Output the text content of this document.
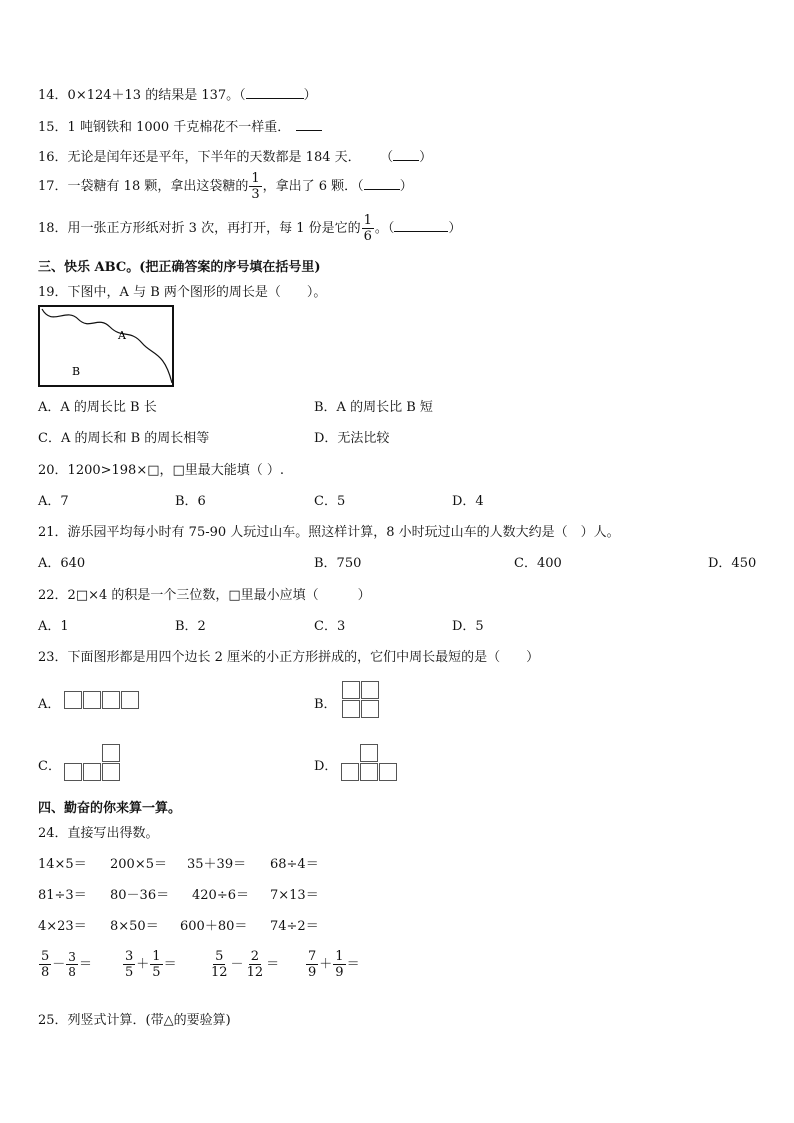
14．0×124＋13 的结果是 137。（	）
15．1 吨钢铁和 1000 千克棉花不一样重．
16．无论是闰年还是平年，下半年的天数都是 184 天． （ ）
17．一袋糖有 18 颗，拿出这袋糖的 $\frac{1}{3}$ ，拿出了 6 颗．（	）
18．用一张正方形纸对折 3 次，再打开，每 1 份是它的 $\frac{1}{6}$ 。（	）
三、快乐 ABC。(把正确答案的序号填在括号里)
19．下图中，A 与 B 两个图形的周长是（　　）。
A
B
A．A 的周长比 B 长	B．A 的周长比 B 短
C．A 的周长和 B 的周长相等	D．无法比较
20．1200>198×□，□里最大能填（ ）.
A．7	B．6	C．5	D．4
21．游乐园平均每小时有 75-90 人玩过山车。照这样计算，8 小时玩过山车的人数大约是（　）人。
A．640	B．750	C．400	D．450
22．2□×4 的积是一个三位数，□里最小应填（　　　）
A．1	B．2	C．3	D．5
23．下面图形都是用四个边长 2 厘米的小正方形拼成的，它们中周长最短的是（　　）
A．	B．
C．	D．
四、勤奋的你来算一算。
24．直接写出得数。
14×5＝ 200×5＝ 35＋39＝ 68÷4＝
81÷3＝ 80－36＝ 420÷6＝ 7×13＝
4×23＝ 8×50＝ 600＋80＝ 74÷2＝
$\frac{5}{8} - \frac{3}{8} = \frac{3}{5} + \frac{1}{5} = \frac{5}{12} - \frac{2}{12} = \frac{7}{9} + \frac{1}{9}$ ＝
25．列竖式计算．(带△的要验算)
